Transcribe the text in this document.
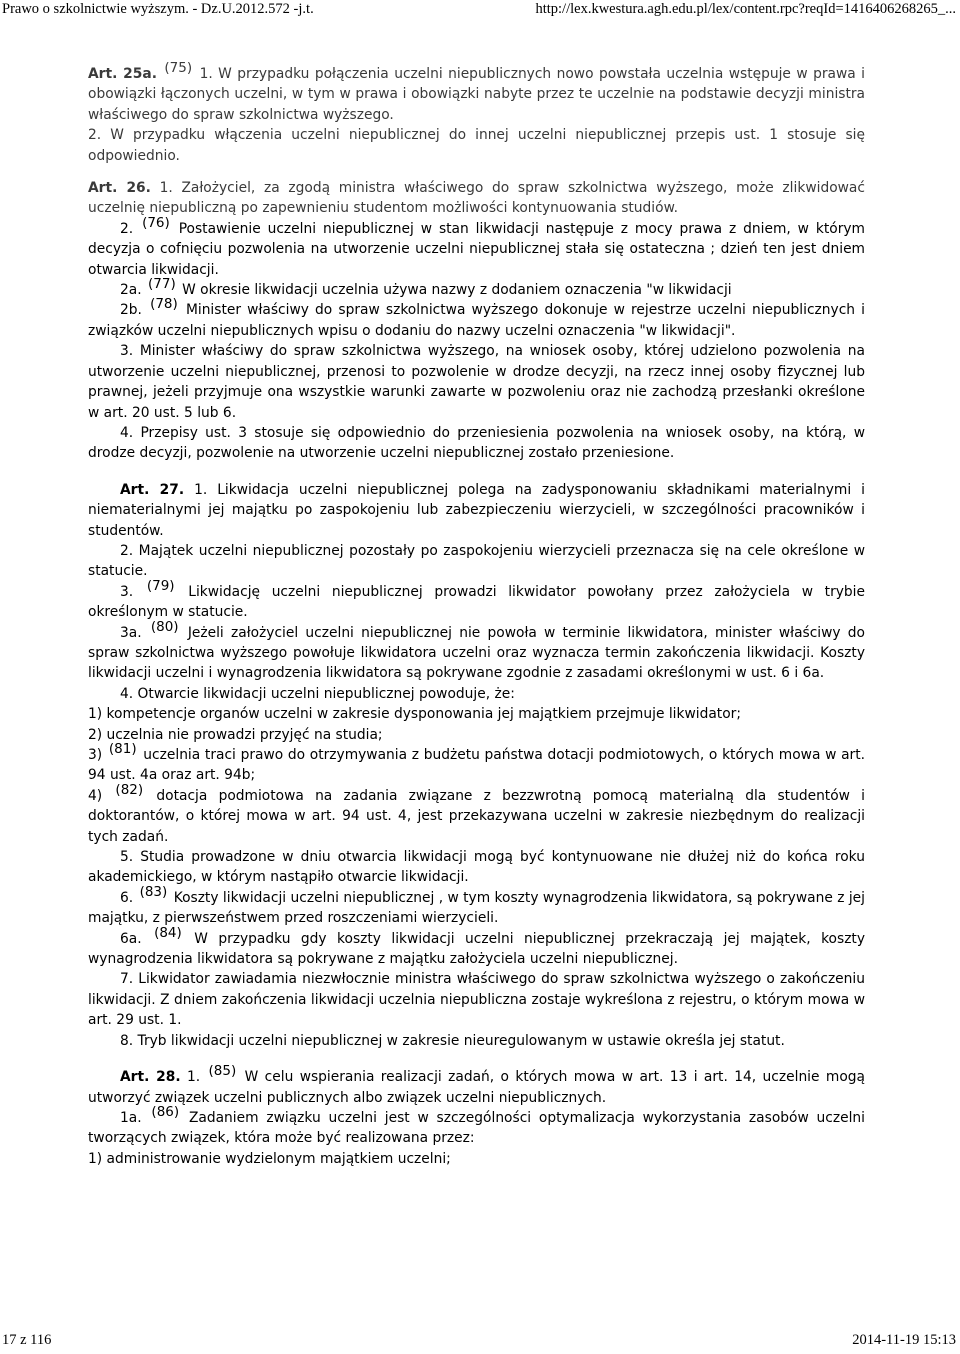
Prawo o szkolnictwie wyższym. - Dz.U.2012.572 -j.t.	http://lex.kwestura.agh.edu.pl/lex/content.rpc?reqId=1416406268265_...

Art. 25a. $^{(75)}$ 1. W przypadku połączenia uczelni niepublicznych nowo powstała uczelnia wstępuje w prawa i obowiązki łączonych uczelni, w tym w prawa i obowiązki nabyte przez te uczelnie na podstawie decyzji ministra właściwego do spraw szkolnictwa wyższego.

2. W przypadku włączenia uczelni niepublicznej do innej uczelni niepublicznej przepis ust. 1 stosuje się odpowiednio.

Art. 26. 1. Założyciel, za zgodą ministra właściwego do spraw szkolnictwa wyższego, może zlikwidować uczelnię niepubliczną po zapewnieniu studentom możliwości kontynuowania studiów.

2. $^{(76)}$ Postawienie uczelni niepublicznej w stan likwidacji następuje z mocy prawa z dniem, w którym decyzja o cofnięciu pozwolenia na utworzenie uczelni niepublicznej stała się ostateczna ; dzień ten jest dniem otwarcia likwidacji.

2a. $^{(77)}$ W okresie likwidacji uczelnia używa nazwy z dodaniem oznaczenia "w likwidacji

2b. $^{(78)}$ Minister właściwy do spraw szkolnictwa wyższego dokonuje w rejestrze uczelni niepublicznych i związków uczelni niepublicznych wpisu o dodaniu do nazwy uczelni oznaczenia "w likwidacji".

3. Minister właściwy do spraw szkolnictwa wyższego, na wniosek osoby, której udzielono pozwolenia na utworzenie uczelni niepublicznej, przenosi to pozwolenie w drodze decyzji, na rzecz innej osoby fizycznej lub prawnej, jeżeli przyjmuje ona wszystkie warunki zawarte w pozwoleniu oraz nie zachodzą przesłanki określone w art. 20 ust. 5 lub 6.

4. Przepisy ust. 3 stosuje się odpowiednio do przeniesienia pozwolenia na wniosek osoby, na którą, w drodze decyzji, pozwolenie na utworzenie uczelni niepublicznej zostało przeniesione.

Art. 27. 1. Likwidacja uczelni niepublicznej polega na zadysponowaniu składnikami materialnymi i niematerialnymi jej majątku po zaspokojeniu lub zabezpieczeniu wierzycieli, w szczególności pracowników i studentów.

2. Majątek uczelni niepublicznej pozostały po zaspokojeniu wierzycieli przeznacza się na cele określone w statucie.

3. $^{(79)}$ Likwidację uczelni niepublicznej prowadzi likwidator powołany przez założyciela w trybie określonym w statucie.

3a. $^{(80)}$ Jeżeli założyciel uczelni niepublicznej nie powoła w terminie likwidatora, minister właściwy do spraw szkolnictwa wyższego powołuje likwidatora uczelni oraz wyznacza termin zakończenia likwidacji. Koszty likwidacji uczelni i wynagrodzenia likwidatora są pokrywane zgodnie z zasadami określonymi w ust. 6 i 6a.

4. Otwarcie likwidacji uczelni niepublicznej powoduje, że:

1) kompetencje organów uczelni w zakresie dysponowania jej majątkiem przejmuje likwidator;

2) uczelnia nie prowadzi przyjęć na studia;

3) $^{(81)}$ uczelnia traci prawo do otrzymywania z budżetu państwa dotacji podmiotowych, o których mowa w art. 94 ust. 4a oraz art. 94b;

4) $^{(82)}$ dotacja podmiotowa na zadania związane z bezzwrotną pomocą materialną dla studentów i doktorantów, o której mowa w art. 94 ust. 4, jest przekazywana uczelni w zakresie niezbędnym do realizacji tych zadań.

5. Studia prowadzone w dniu otwarcia likwidacji mogą być kontynuowane nie dłużej niż do końca roku akademickiego, w którym nastąpiło otwarcie likwidacji.

6. $^{(83)}$ Koszty likwidacji uczelni niepublicznej , w tym koszty wynagrodzenia likwidatora, są pokrywane z jej majątku, z pierwszeństwem przed roszczeniami wierzycieli.

6a. $^{(84)}$ W przypadku gdy koszty likwidacji uczelni niepublicznej przekraczają jej majątek, koszty wynagrodzenia likwidatora są pokrywane z majątku założyciela uczelni niepublicznej.

7. Likwidator zawiadamia niezwłocznie ministra właściwego do spraw szkolnictwa wyższego o zakończeniu likwidacji. Z dniem zakończenia likwidacji uczelnia niepubliczna zostaje wykreślona z rejestru, o którym mowa w art. 29 ust. 1.

8. Tryb likwidacji uczelni niepublicznej w zakresie nieuregulowanym w ustawie określa jej statut.

Art. 28. 1. $^{(85)}$ W celu wspierania realizacji zadań, o których mowa w art. 13 i art. 14, uczelnie mogą utworzyć związek uczelni publicznych albo związek uczelni niepublicznych.

1a. $^{(86)}$ Zadaniem związku uczelni jest w szczególności optymalizacja wykorzystania zasobów uczelni tworzących związek, która może być realizowana przez:

1) administrowanie wydzielonym majątkiem uczelni;

17 z 116	2014-11-19 15:13
